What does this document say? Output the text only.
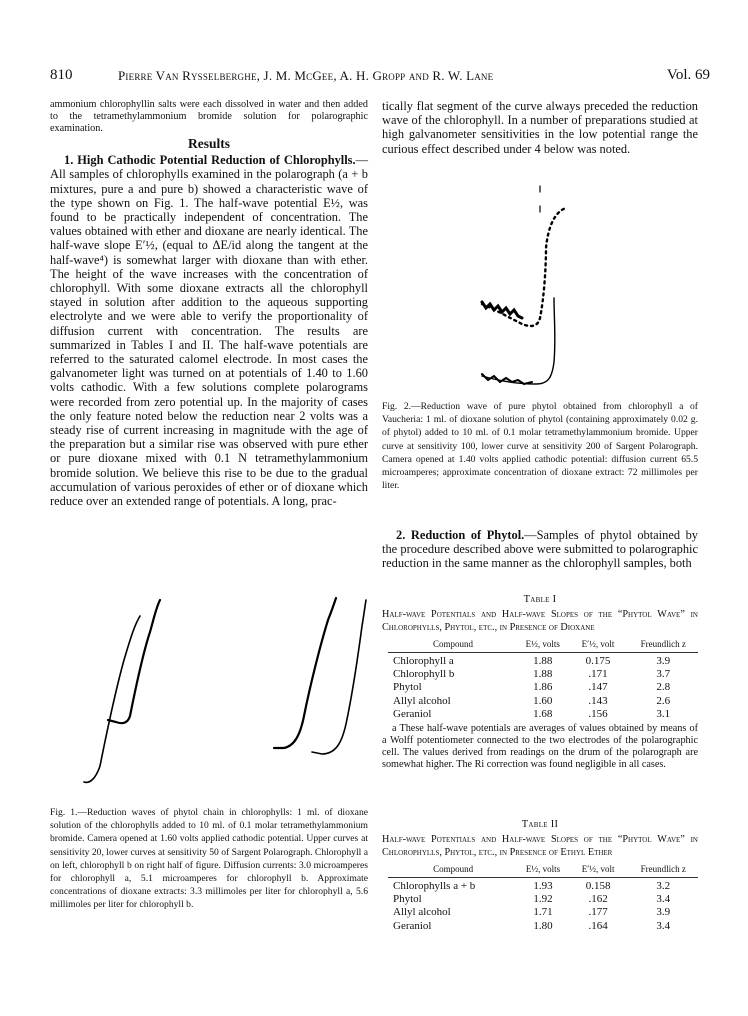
810	Pierre Van Rysselberghe, J. M. McGee, A. H. Gropp and R. W. Lane	Vol. 69

ammonium chlorophyllin salts were each dissolved in water and then added to the tetramethylammonium bromide solution for polarographic examination.

Results

1. High Cathodic Potential Reduction of Chlorophylls.—All samples of chlorophylls examined in the polarograph (a + b mixtures, pure a and pure b) showed a characteristic wave of the type shown on Fig. 1. The half-wave potential E½, was found to be practically independent of concentration. The values obtained with ether and dioxane are nearly identical. The half-wave slope E′½, (equal to ΔE/id along the tangent at the half-wave⁴) is somewhat larger with dioxane than with ether. The height of the wave increases with the concentration of chlorophyll. With some dioxane extracts all the chlorophyll stayed in solution after addition to the aqueous supporting electrolyte and we were able to verify the proportionality of diffusion current with concentration. The results are summarized in Tables I and II. The half-wave potentials are referred to the saturated calomel electrode. In most cases the galvanometer light was turned on at potentials of 1.40 to 1.60 volts cathodic. With a few solutions complete polarograms were recorded from zero potential up. In the majority of cases the only feature noted below the reduction near 2 volts was a steady rise of current increasing in magnitude with the age of the preparation but a similar rise was observed with pure ether or pure dioxane mixed with 0.1 N tetramethylammonium bromide solution. We believe this rise to be due to the gradual accumulation of various peroxides of ether or of dioxane which reduce over an extended range of potentials. A long, prac-

Fig. 1.—Reduction waves of phytol chain in chlorophylls: 1 ml. of dioxane solution of the chlorophylls added to 10 ml. of 0.1 molar tetramethylammonium bromide. Camera opened at 1.60 volts applied cathodic potential. Upper curves at sensitivity 20, lower curves at sensitivity 50 of Sargent Polarograph. Chlorophyll a on left, chlorophyll b on right half of figure. Diffusion currents: 3.0 microamperes for chlorophyll a, 5.1 microamperes for chlorophyll b. Approximate concentrations of dioxane extracts: 3.3 millimoles per liter for chlorophyll a, 5.6 millimoles per liter for chlorophyll b.
tically flat segment of the curve always preceded the reduction wave of the chlorophyll. In a number of preparations studied at high galvanometer sensitivities in the low potential range the curious effect described under 4 below was noted.
Fig. 2.—Reduction wave of pure phytol obtained from chlorophyll a of Vaucheria: 1 ml. of dioxane solution of phytol (containing approximately 0.02 g. of phytol) added to 10 ml. of 0.1 molar tetramethylammonium bromide. Upper curve at sensitivity 100, lower curve at sensitivity 200 of Sargent Polarograph. Camera opened at 1.40 volts applied cathodic potential: diffusion current 65.5 microamperes; approximate concentration of dioxane extract: 72 millimoles per liter.

2. Reduction of Phytol.—Samples of phytol obtained by the procedure described above were submitted to polarographic reduction in the same manner as the chlorophyll samples, both

Table I
Half-wave Potentials and Half-wave Slopes of the “Phytol Wave” in Chlorophylls, Phytol, etc., in Presence of Dioxane
Compound	E½, volts	E′½, volt	Freundlich z

Chlorophyll a	1.88	0.175	3.9
Chlorophyll b	1.88	.171	3.7
Phytol	1.86	.147	2.8
Allyl alcohol	1.60	.143	2.6
Geraniol	1.68	.156	3.1
a These half-wave potentials are averages of values obtained by means of a Wolff potentiometer connected to the two electrodes of the polarographic cell. The values derived from readings on the drum of the polarograph are somewhat higher. The Ri correction was found negligible in all cases.
Table II
Half-wave Potentials and Half-wave Slopes of the “Phytol Wave” in Chlorophylls, Phytol, etc., in Presence of Ethyl Ether
Compound	E½, volts	E′½, volt	Freundlich z

Chlorophylls a + b	1.93	0.158	3.2
Phytol	1.92	.162	3.4
Allyl alcohol	1.71	.177	3.9
Geraniol	1.80	.164	3.4
